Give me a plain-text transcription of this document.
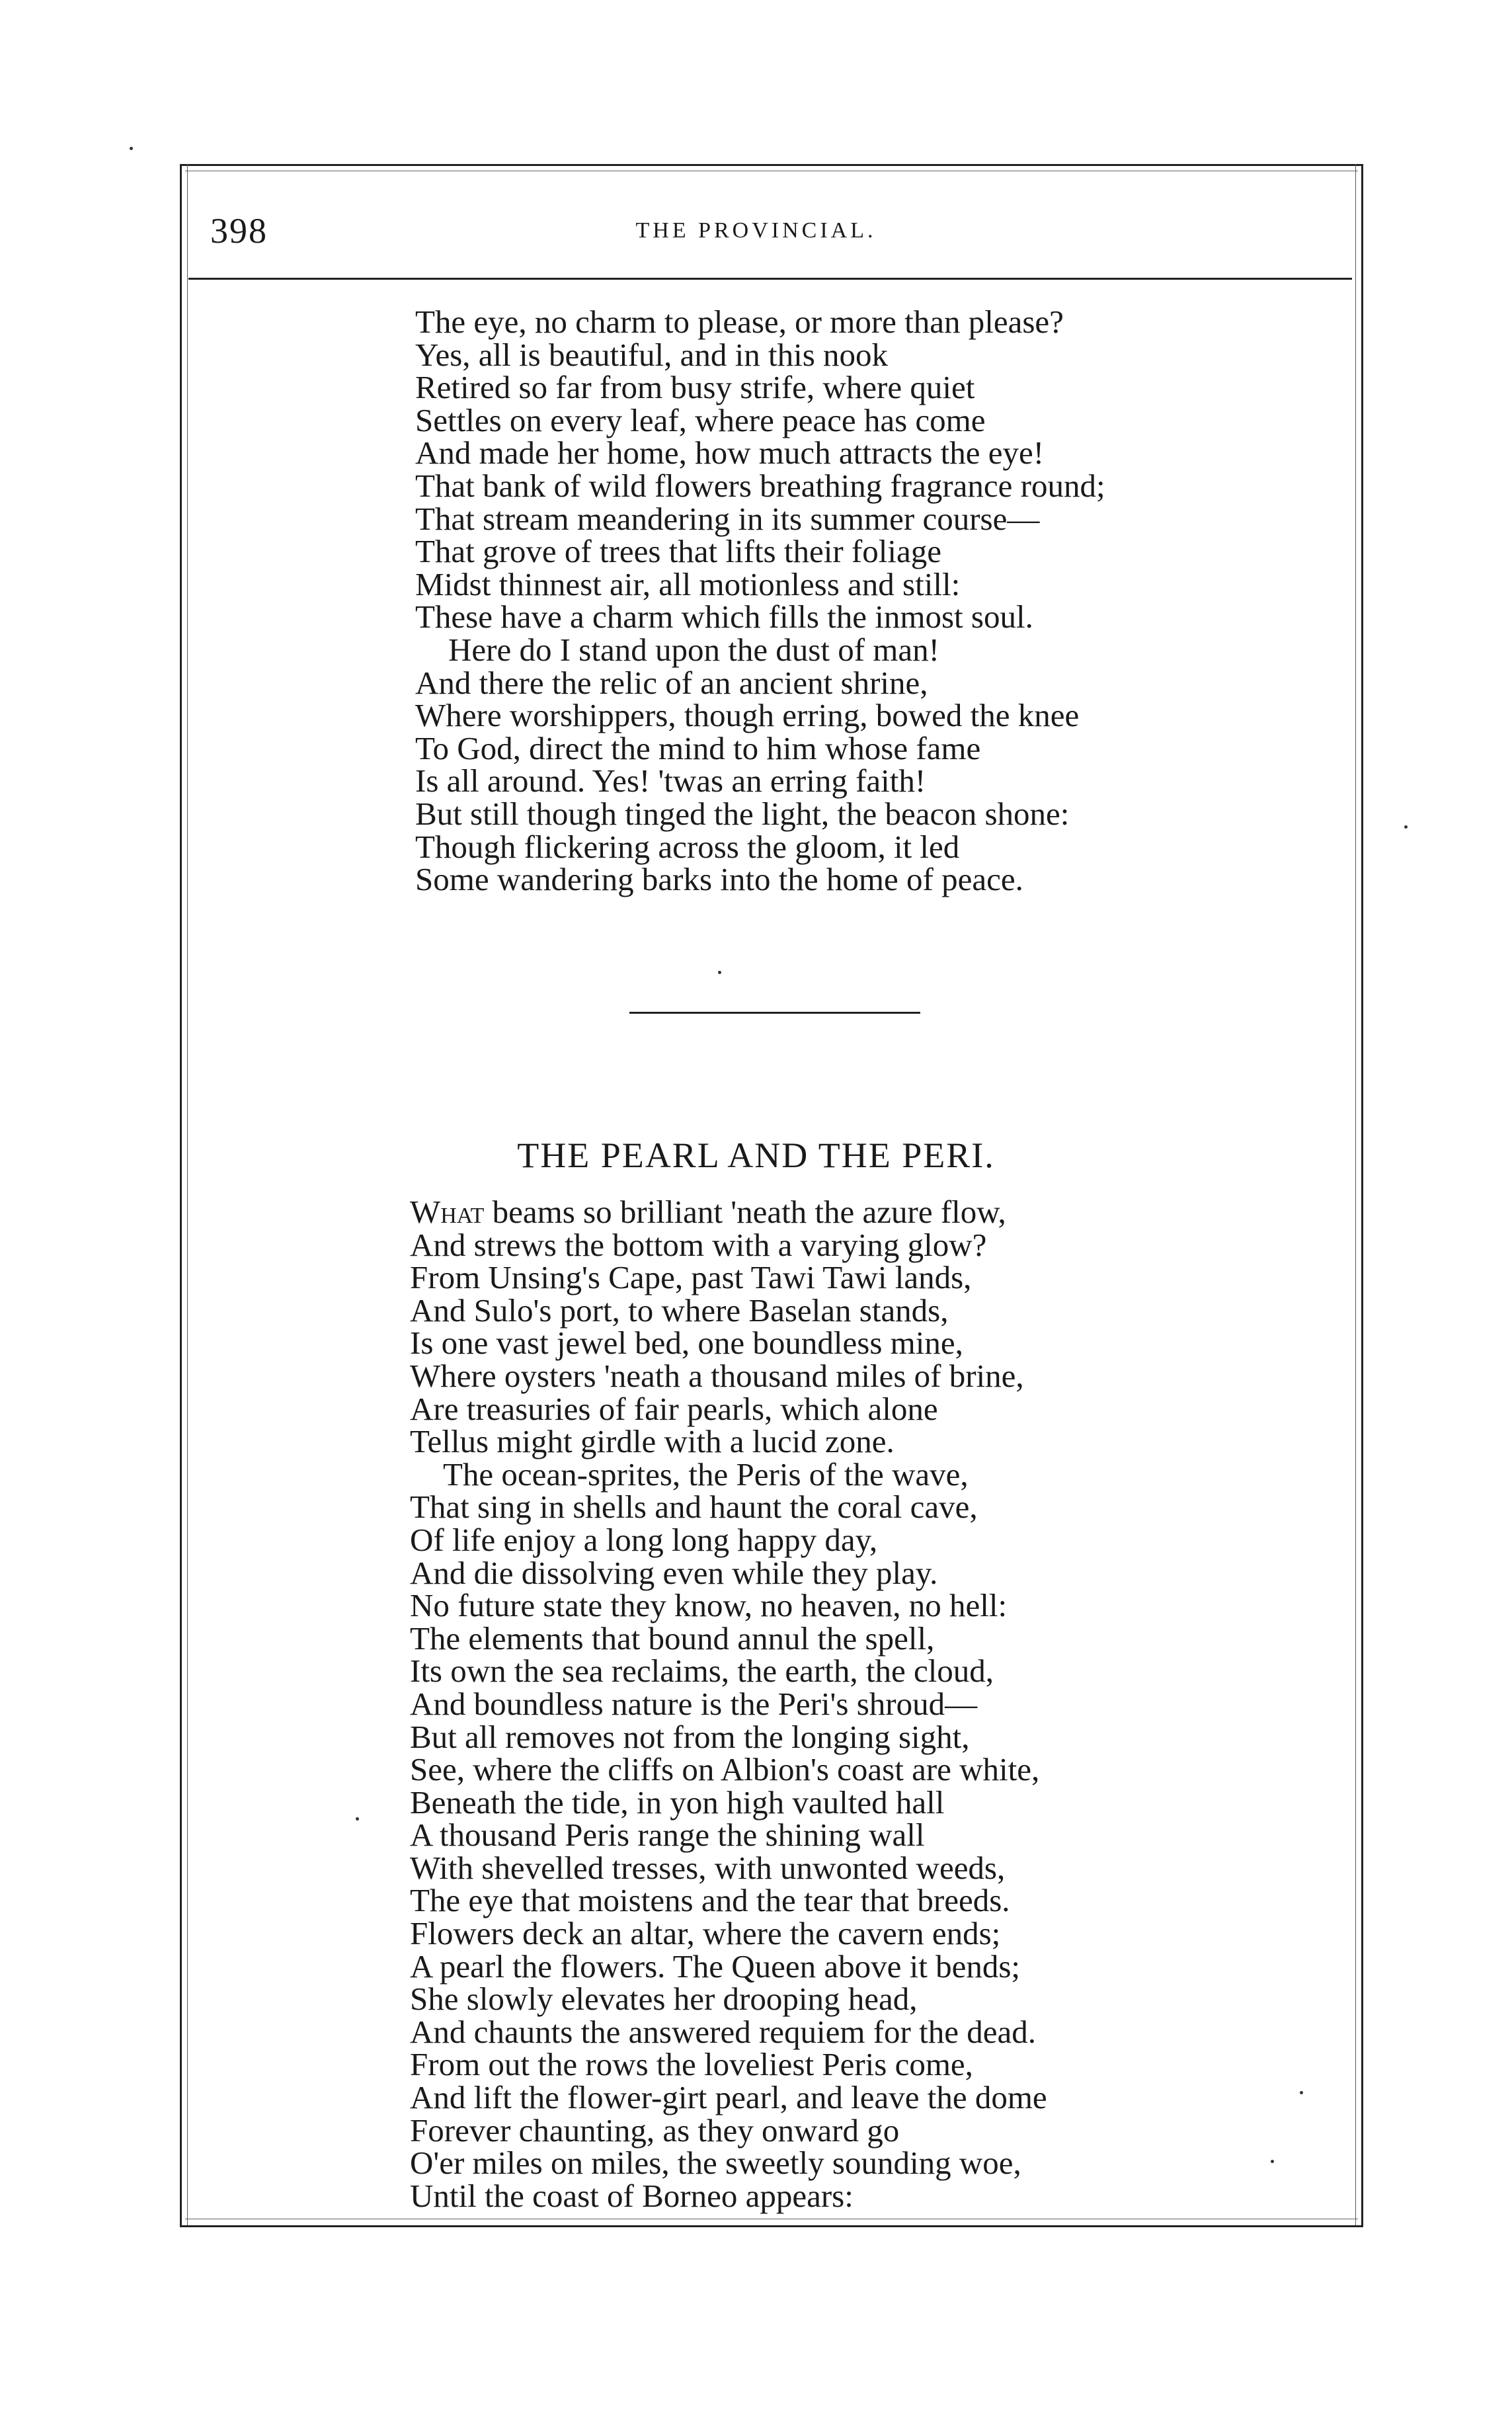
398	THE PROVINCIAL.
The eye, no charm to please, or more than please?
Yes, all is beautiful, and in this nook
Retired so far from busy strife, where quiet
Settles on every leaf, where peace has come
And made her home, how much attracts the eye!
That bank of wild flowers breathing fragrance round;
That stream meandering in its summer course—
That grove of trees that lifts their foliage
Midst thinnest air, all motionless and still:
These have a charm which fills the inmost soul.
Here do I stand upon the dust of man!
And there the relic of an ancient shrine,
Where worshippers, though erring, bowed the knee
To God, direct the mind to him whose fame
Is all around. Yes! 'twas an erring faith!
But still though tinged the light, the beacon shone:
Though flickering across the gloom, it led
Some wandering barks into the home of peace.
THE PEARL AND THE PERI.
What beams so brilliant 'neath the azure flow,
And strews the bottom with a varying glow?
From Unsing's Cape, past Tawi Tawi lands,
And Sulo's port, to where Baselan stands,
Is one vast jewel bed, one boundless mine,
Where oysters 'neath a thousand miles of brine,
Are treasuries of fair pearls, which alone
Tellus might girdle with a lucid zone.
The ocean-sprites, the Peris of the wave,
That sing in shells and haunt the coral cave,
Of life enjoy a long long happy day,
And die dissolving even while they play.
No future state they know, no heaven, no hell:
The elements that bound annul the spell,
Its own the sea reclaims, the earth, the cloud,
And boundless nature is the Peri's shroud—
But all removes not from the longing sight,
See, where the cliffs on Albion's coast are white,
Beneath the tide, in yon high vaulted hall
A thousand Peris range the shining wall
With shevelled tresses, with unwonted weeds,
The eye that moistens and the tear that breeds.
Flowers deck an altar, where the cavern ends;
A pearl the flowers. The Queen above it bends;
She slowly elevates her drooping head,
And chaunts the answered requiem for the dead.
From out the rows the loveliest Peris come,
And lift the flower-girt pearl, and leave the dome
Forever chaunting, as they onward go
O'er miles on miles, the sweetly sounding woe,
Until the coast of Borneo appears:
